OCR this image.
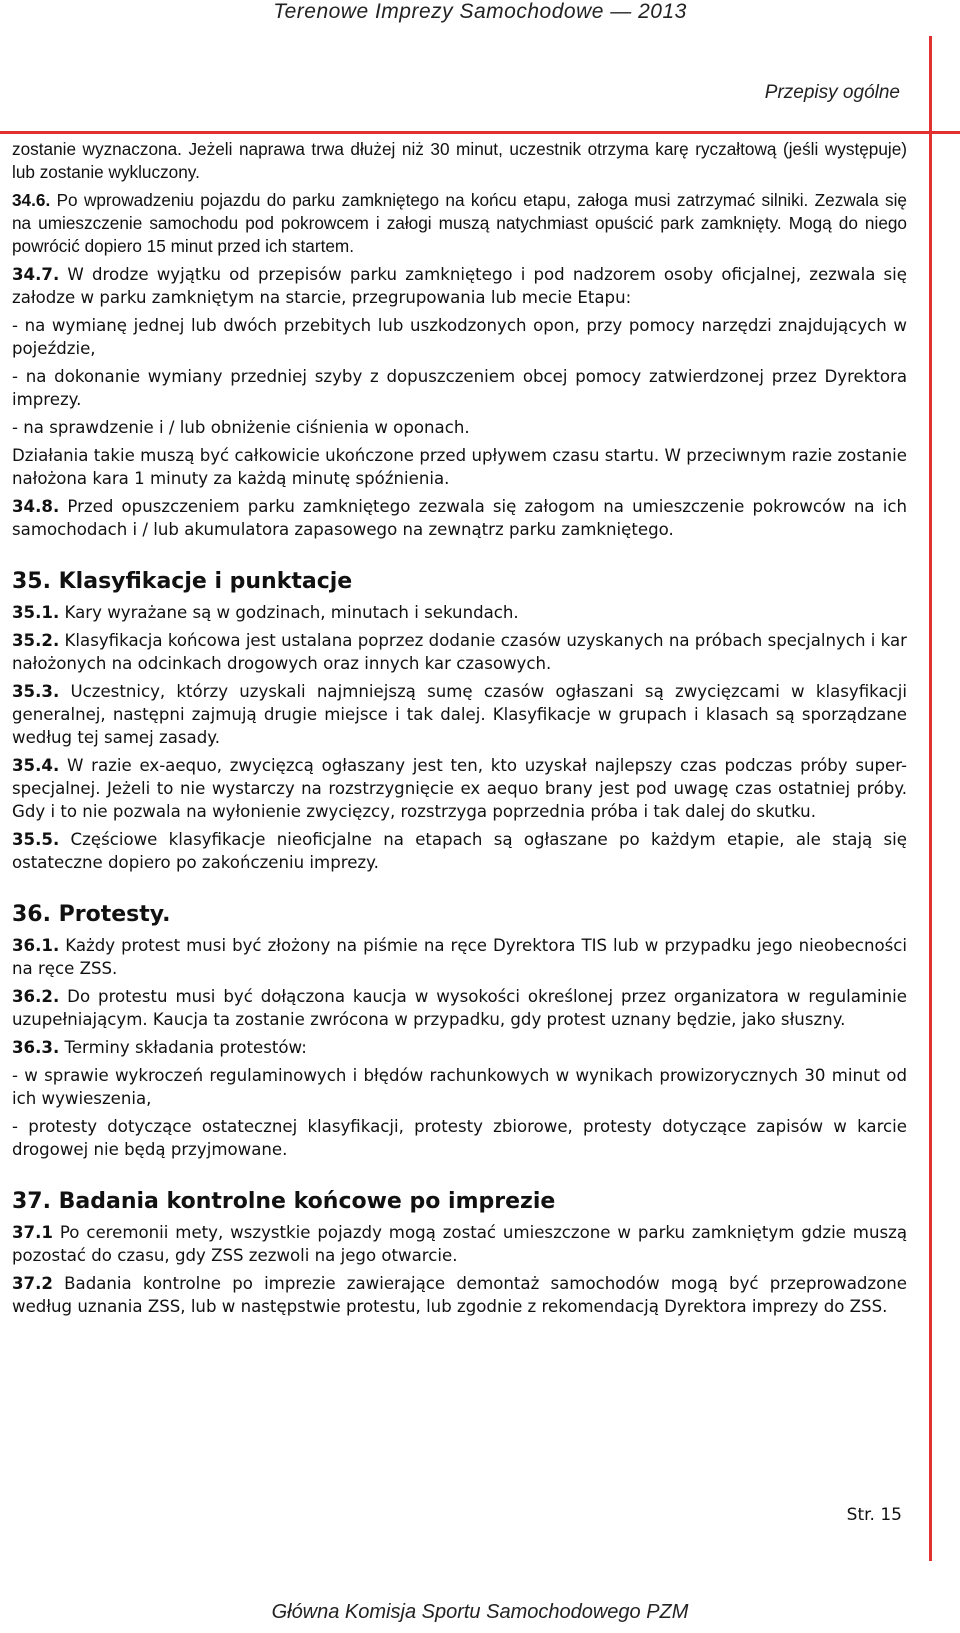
Terenowe Imprezy Samochodowe — 2013
Przepisy ogólne

zostanie wyznaczona. Jeżeli naprawa trwa dłużej niż 30 minut, uczestnik otrzyma karę ryczałtową (jeśli występuje) lub zostanie wykluczony.

34.6. Po wprowadzeniu pojazdu do parku zamkniętego na końcu etapu, załoga musi zatrzymać silniki. Zezwala się na umieszczenie samochodu pod pokrowcem i załogi muszą natychmiast opuścić park zamknięty. Mogą do niego powrócić dopiero 15 minut przed ich startem.

34.7. W drodze wyjątku od przepisów parku zamkniętego i pod nadzorem osoby oficjalnej, zezwala się załodze w parku zamkniętym na starcie, przegrupowania lub mecie Etapu:

- na wymianę jednej lub dwóch przebitych lub uszkodzonych opon, przy pomocy narzędzi znajdujących w pojeździe,

- na dokonanie wymiany przedniej szyby z dopuszczeniem obcej pomocy zatwierdzonej przez Dyrektora imprezy.

- na sprawdzenie i / lub obniżenie ciśnienia w oponach.

Działania takie muszą być całkowicie ukończone przed upływem czasu startu. W przeciwnym razie zostanie nałożona kara 1 minuty za każdą minutę spóźnienia.

34.8. Przed opuszczeniem parku zamkniętego zezwala się załogom na umieszczenie pokrowców na ich samochodach i / lub akumulatora zapasowego na zewnątrz parku zamkniętego.

35. Klasyfikacje i punktacje

35.1. Kary wyrażane są w godzinach, minutach i sekundach.

35.2. Klasyfikacja końcowa jest ustalana poprzez dodanie czasów uzyskanych na próbach specjalnych i kar nałożonych na odcinkach drogowych oraz innych kar czasowych.

35.3. Uczestnicy, którzy uzyskali najmniejszą sumę czasów ogłaszani są zwycięzcami w klasyfikacji generalnej, następni zajmują drugie miejsce i tak dalej. Klasyfikacje w grupach i klasach są sporządzane według tej samej zasady.

35.4. W razie ex-aequo, zwycięzcą ogłaszany jest ten, kto uzyskał najlepszy czas podczas próby super-specjalnej. Jeżeli to nie wystarczy na rozstrzygnięcie ex aequo brany jest pod uwagę czas ostatniej próby. Gdy i to nie pozwala na wyłonienie zwycięzcy, rozstrzyga poprzednia próba i tak dalej do skutku.

35.5. Częściowe klasyfikacje nieoficjalne na etapach są ogłaszane po każdym etapie, ale stają się ostateczne dopiero po zakończeniu imprezy.

36. Protesty.

36.1. Każdy protest musi być złożony na piśmie na ręce Dyrektora TIS lub w przypadku jego nieobecności na ręce ZSS.

36.2. Do protestu musi być dołączona kaucja w wysokości określonej przez organizatora w regulaminie uzupełniającym. Kaucja ta zostanie zwrócona w przypadku, gdy protest uznany będzie, jako słuszny.

36.3. Terminy składania protestów:

- w sprawie wykroczeń regulaminowych i błędów rachunkowych w wynikach prowizorycznych 30 minut od ich wywieszenia,

- protesty dotyczące ostatecznej klasyfikacji, protesty zbiorowe, protesty dotyczące zapisów w karcie drogowej nie będą przyjmowane.

37. Badania kontrolne końcowe po imprezie

37.1 Po ceremonii mety, wszystkie pojazdy mogą zostać umieszczone w parku zamkniętym gdzie muszą pozostać do czasu, gdy ZSS zezwoli na jego otwarcie.

37.2 Badania kontrolne po imprezie zawierające demontaż samochodów mogą być przeprowadzone według uznania ZSS, lub w następstwie protestu, lub zgodnie z rekomendacją Dyrektora imprezy do ZSS.

Str. 15
Główna Komisja Sportu Samochodowego PZM
